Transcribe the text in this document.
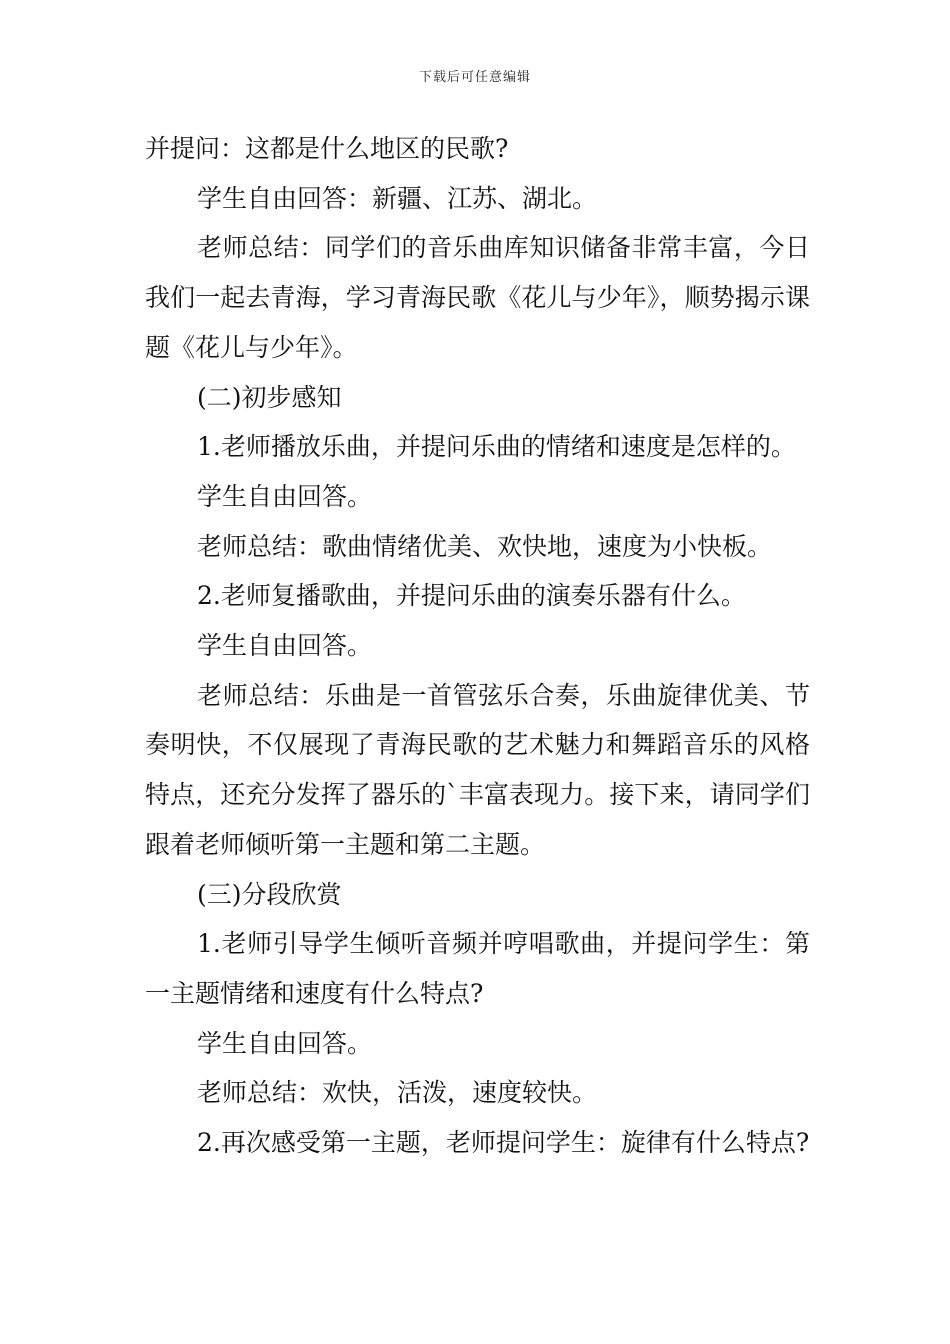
下载后可任意编辑

并提问：这都是什么地区的民歌?

学生自由回答：新疆、江苏、湖北。

老师总结：同学们的音乐曲库知识储备非常丰富，今日我们一起去青海，学习青海民歌《花儿与少年》，顺势揭示课题《花儿与少年》。

(二)初步感知

1.老师播放乐曲，并提问乐曲的情绪和速度是怎样的。

学生自由回答。

老师总结：歌曲情绪优美、欢快地，速度为小快板。

2.老师复播歌曲，并提问乐曲的演奏乐器有什么。

学生自由回答。

老师总结：乐曲是一首管弦乐合奏，乐曲旋律优美、节奏明快，不仅展现了青海民歌的艺术魅力和舞蹈音乐的风格特点，还充分发挥了器乐的`丰富表现力。接下来，请同学们跟着老师倾听第一主题和第二主题。

(三)分段欣赏

1.老师引导学生倾听音频并哼唱歌曲，并提问学生：第一主题情绪和速度有什么特点?

学生自由回答。

老师总结：欢快，活泼，速度较快。

2.再次感受第一主题，老师提问学生：旋律有什么特点?
